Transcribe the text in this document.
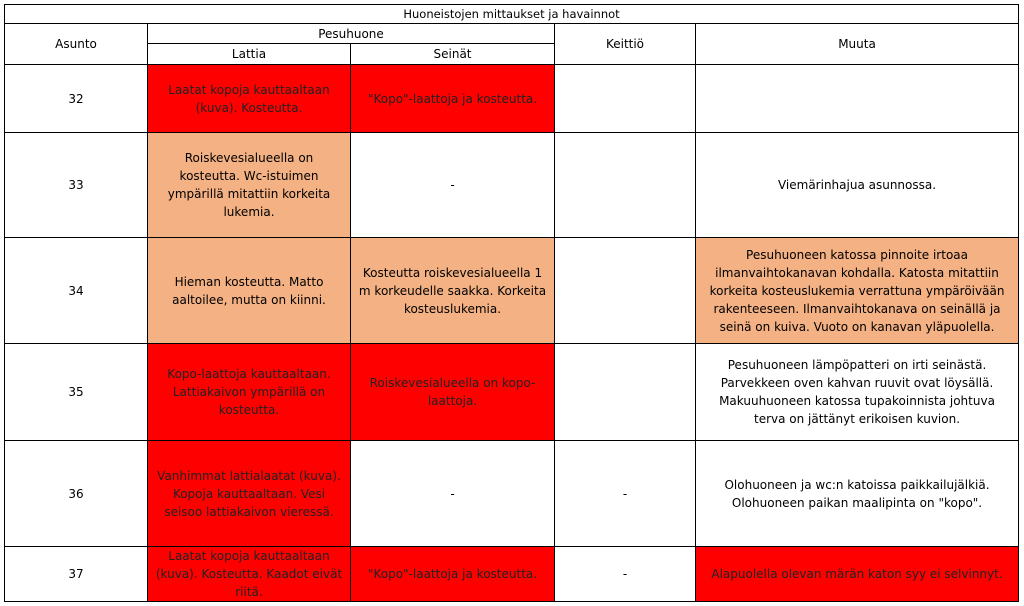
Huoneistojen mittaukset ja havainnot				
Asunto	Pesuhuone		Keittiö	Muuta
	Lattia	Seinät		
32	Laatat kopoja kauttaaltaan (kuva). Kosteutta.	"Kopo"-laattoja ja kosteutta.		
33	Roiskevesialueella on kosteutta. Wc-istuimen ympärillä mitattiin korkeita lukemia.	-		Viemärinhajua asunnossa.
34	Hieman kosteutta. Matto aaltoilee, mutta on kiinni.	Kosteutta roiskevesialueella 1 m korkeudelle saakka. Korkeita kosteuslukemia.		Pesuhuoneen katossa pinnoite irtoaa ilmanvaihtokanavan kohdalla. Katosta mitattiin korkeita kosteuslukemia verrattuna ympäröivään rakenteeseen. Ilmanvaihtokanava on seinällä ja seinä on kuiva. Vuoto on kanavan yläpuolella.
35	Kopo-laattoja kauttaaltaan. Lattiakaivon ympärillä on kosteutta.	Roiskevesialueella on kopo-laattoja.		Pesuhuoneen lämpöpatteri on irti seinästä. Parvekkeen oven kahvan ruuvit ovat löysällä. Makuuhuoneen katossa tupakoinnista johtuva terva on jättänyt erikoisen kuvion.
36	Vanhimmat lattialaatat (kuva). Kopoja kauttaaltaan. Vesi seisoo lattiakaivon vieressä.	-	-	Olohuoneen ja wc:n katoissa paikkailujälkiä. Olohuoneen paikan maalipinta on "kopo".
37	Laatat kopoja kauttaaltaan (kuva). Kosteutta. Kaadot eivät riitä.	"Kopo"-laattoja ja kosteutta.	-	Alapuolella olevan märän katon syy ei selvinnyt.
